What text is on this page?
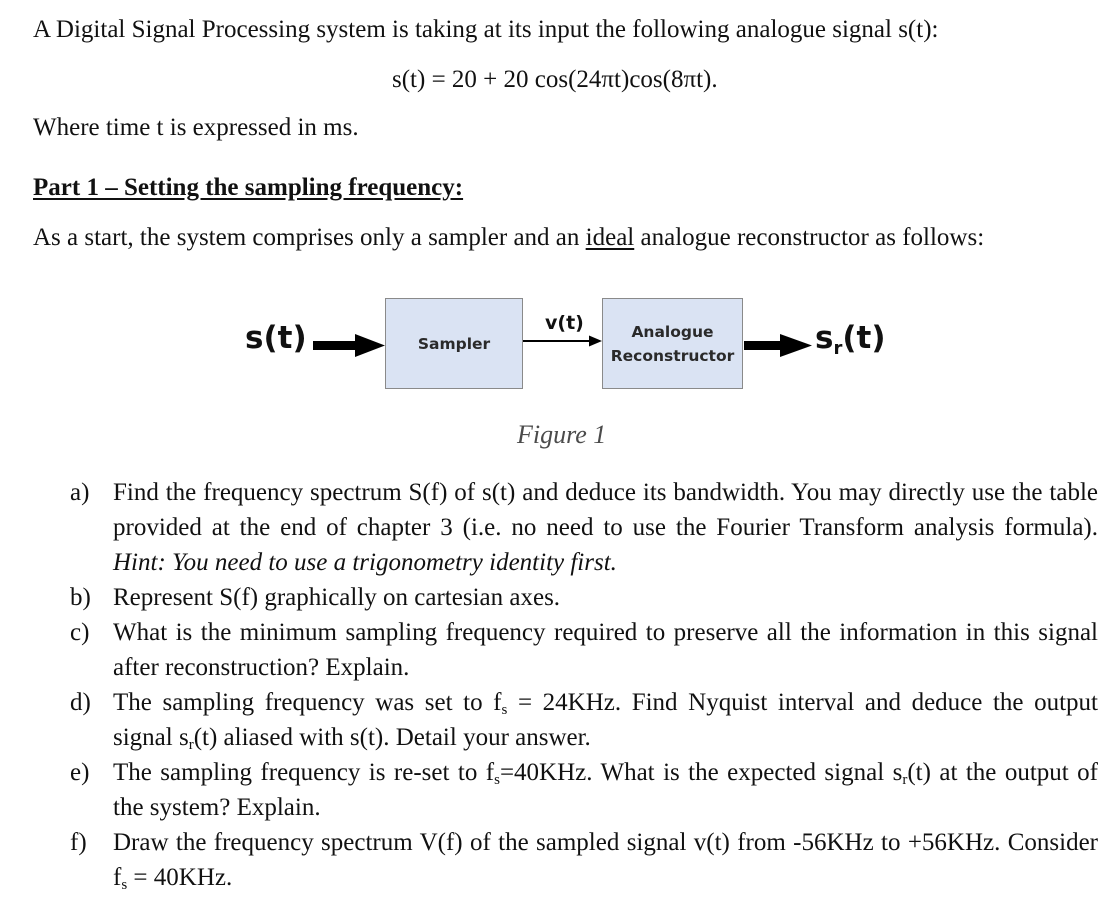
A Digital Signal Processing system is taking at its input the following analogue signal s(t):
s(t) = 20 + 20 cos(24πt)cos(8πt).
Where time t is expressed in ms.
Part 1 – Setting the sampling frequency:
As a start, the system comprises only a sampler and an ideal analogue reconstructor as follows:
s(t)	Sampler
v(t)	Analogue
Reconstructor	$s_r(t)$
Figure 1
a) Find the frequency spectrum S(f) of s(t) and deduce its bandwidth. You may directly use the table provided at the end of chapter 3 (i.e. no need to use the Fourier Transform analysis formula). Hint: You need to use a trigonometry identity first.
b) Represent S(f) graphically on cartesian axes.
c) What is the minimum sampling frequency required to preserve all the information in this signal after reconstruction? Explain.
d) The sampling frequency was set to $f_s = 24KHz$. Find Nyquist interval and deduce the output signal $s_r(t)$ aliased with s(t). Detail your answer.
e) The sampling frequency is re-set to $f_s=40KHz$. What is the expected signal $s_r(t)$ at the output of the system? Explain.
f) Draw the frequency spectrum V(f) of the sampled signal v(t) from -56KHz to +56KHz. Consider $f_s = 40KHz$.
